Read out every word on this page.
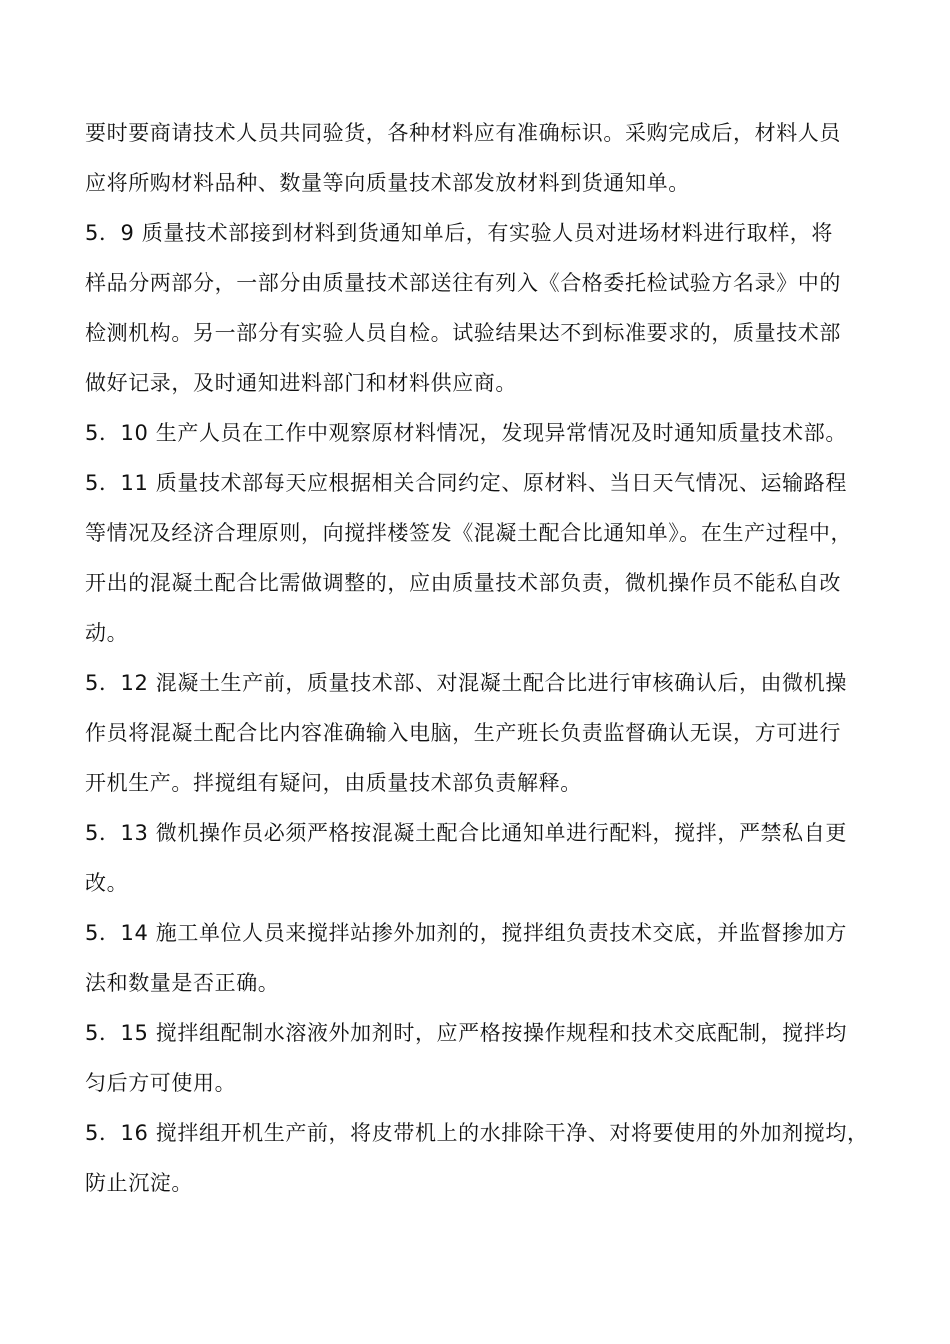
要时要商请技术人员共同验货，各种材料应有准确标识。采购完成后，材料人员
应将所购材料品种、数量等向质量技术部发放材料到货通知单。
5．9 质量技术部接到材料到货通知单后，有实验人员对进场材料进行取样，将
样品分两部分，一部分由质量技术部送往有列入《合格委托检试验方名录》中的
检测机构。另一部分有实验人员自检。试验结果达不到标准要求的，质量技术部
做好记录，及时通知进料部门和材料供应商。
5．10 生产人员在工作中观察原材料情况，发现异常情况及时通知质量技术部。
5．11 质量技术部每天应根据相关合同约定、原材料、当日天气情况、运输路程
等情况及经济合理原则，向搅拌楼签发《混凝土配合比通知单》。在生产过程中，
开出的混凝土配合比需做调整的，应由质量技术部负责，微机操作员不能私自改
动。
5．12 混凝土生产前，质量技术部、对混凝土配合比进行审核确认后，由微机操
作员将混凝土配合比内容准确输入电脑，生产班长负责监督确认无误，方可进行
开机生产。拌搅组有疑问，由质量技术部负责解释。
5．13 微机操作员必须严格按混凝土配合比通知单进行配料，搅拌，严禁私自更
改。
5．14 施工单位人员来搅拌站掺外加剂的，搅拌组负责技术交底，并监督掺加方
法和数量是否正确。
5．15 搅拌组配制水溶液外加剂时，应严格按操作规程和技术交底配制，搅拌均
匀后方可使用。
5．16 搅拌组开机生产前，将皮带机上的水排除干净、对将要使用的外加剂搅均，
防止沉淀。
